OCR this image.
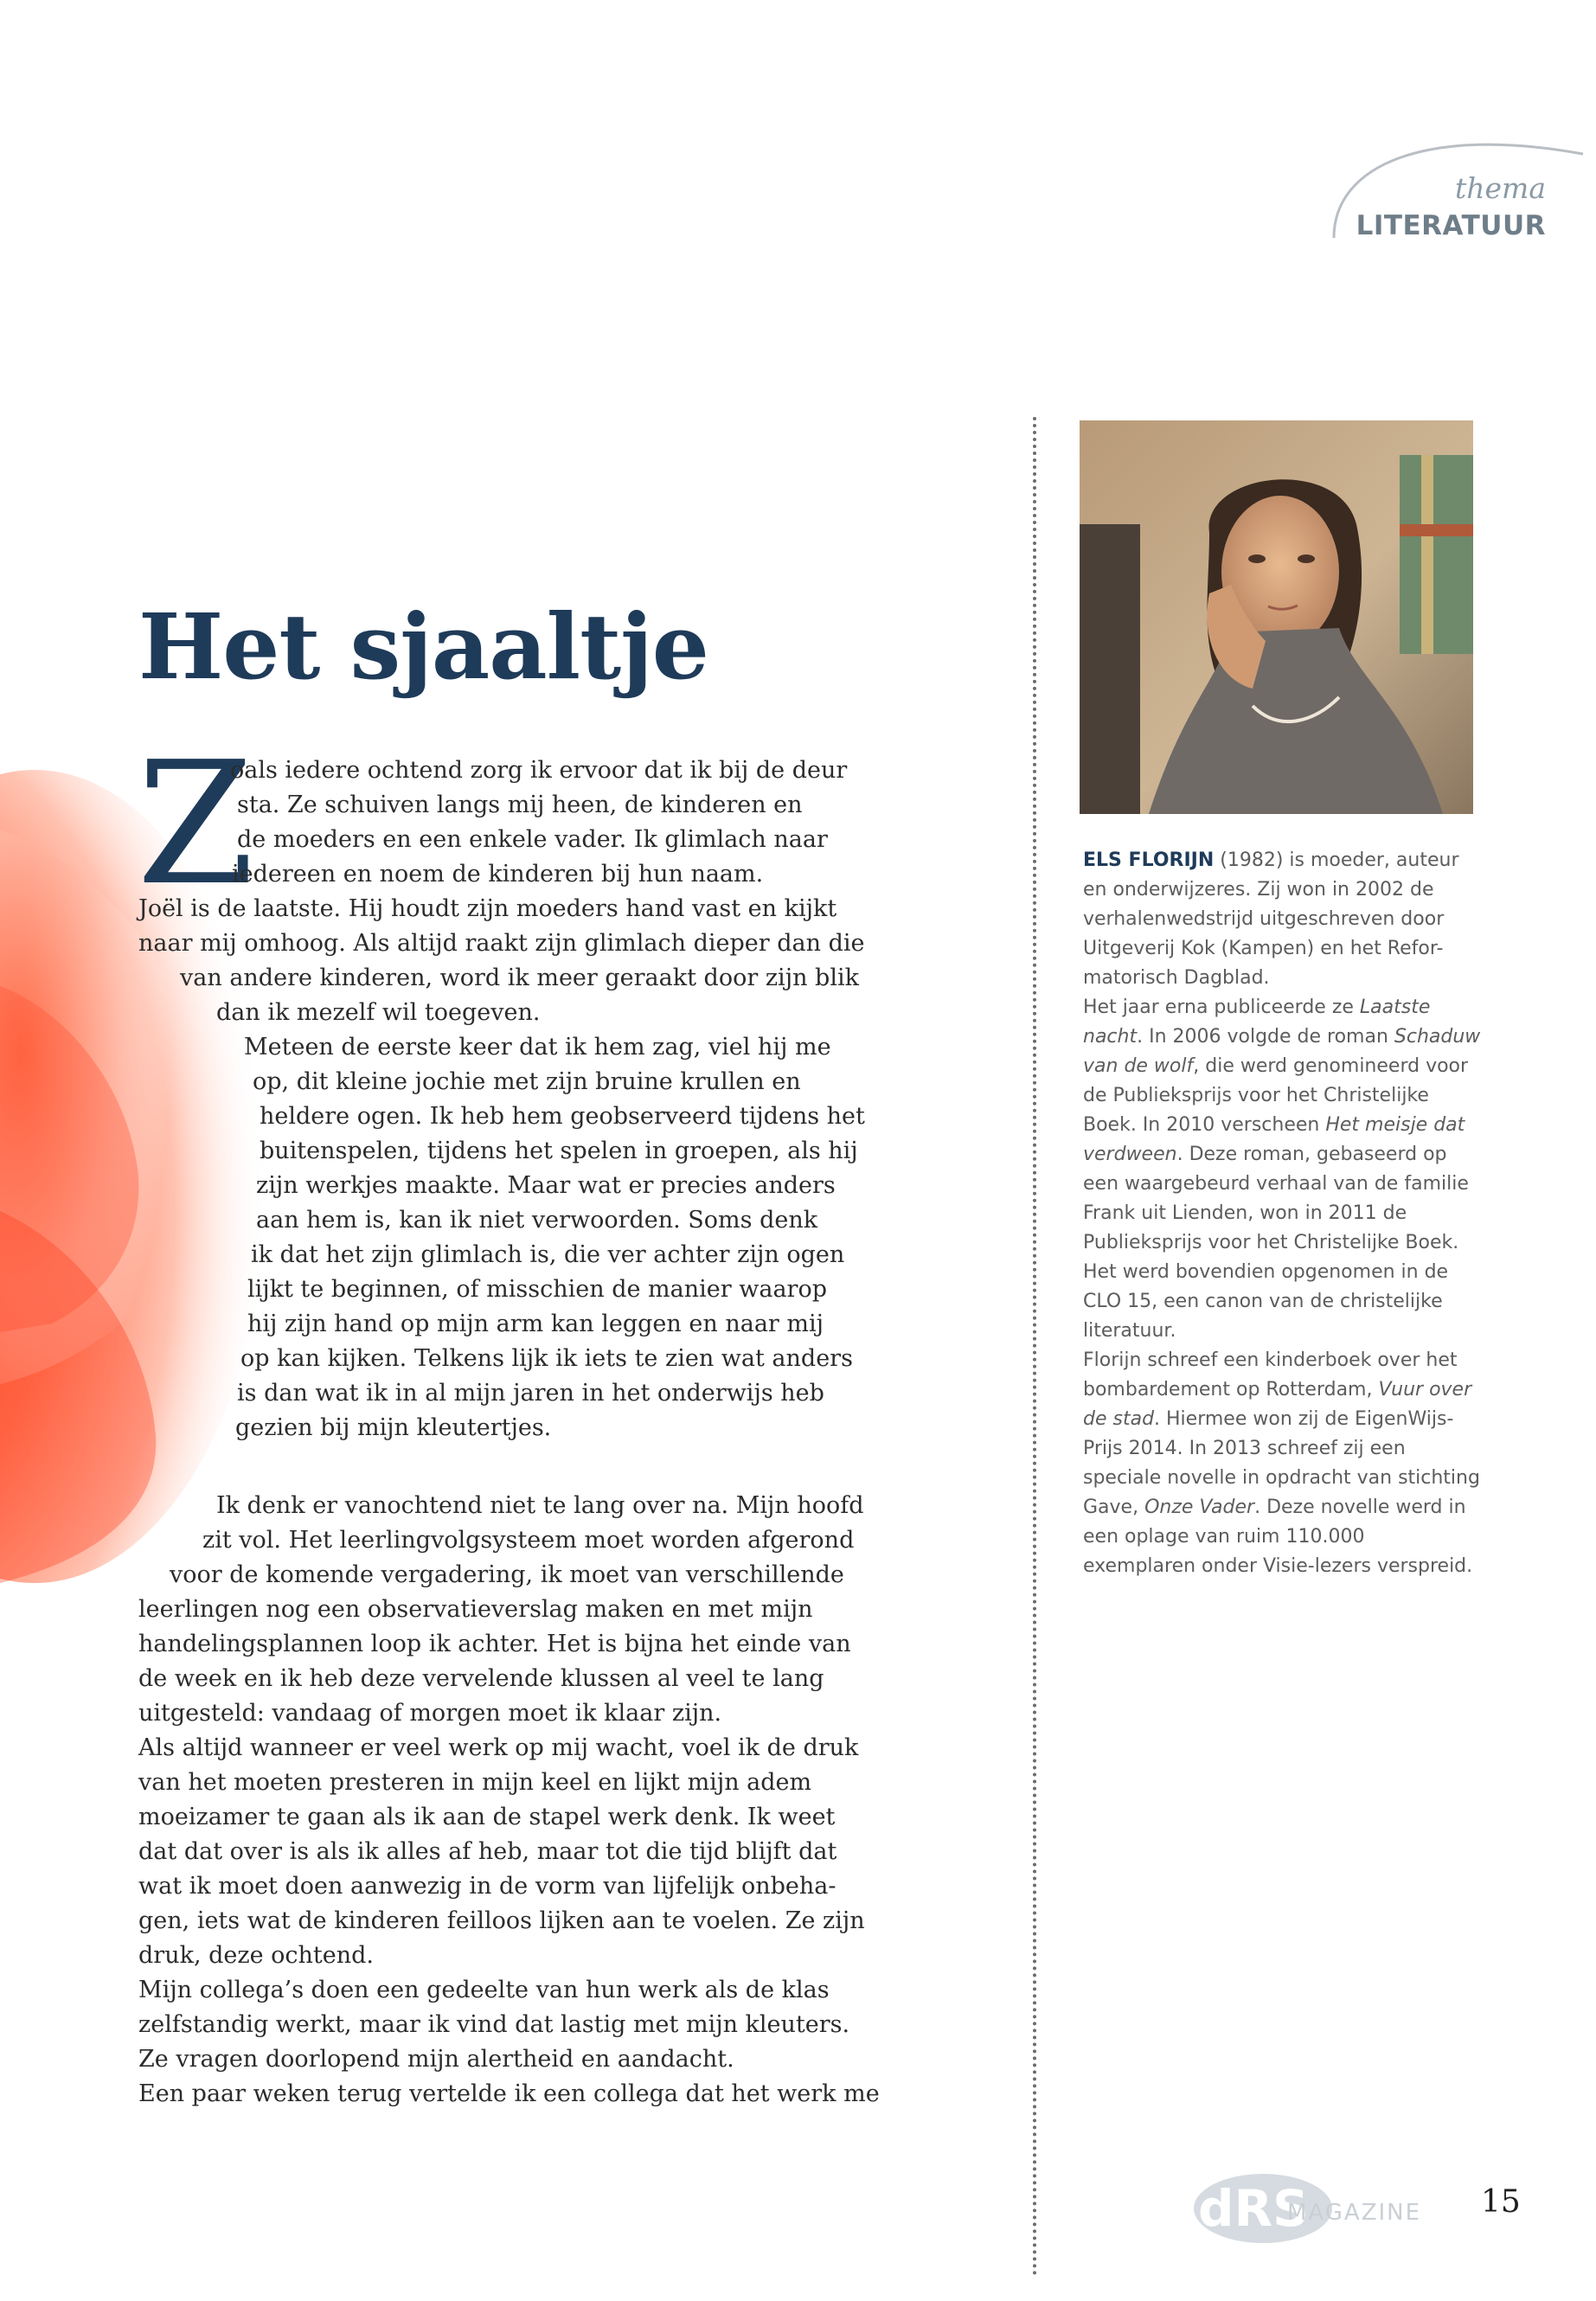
thema
LITERATUUR
Het sjaaltje
Z

oals iedere ochtend zorg ik ervoor dat ik bij de deur

sta. Ze schuiven langs mij heen, de kinderen en

de moeders en een enkele vader. Ik glimlach naar

iedereen en noem de kinderen bij hun naam.

Joël is de laatste. Hij houdt zijn moeders hand vast en kijkt

naar mij omhoog. Als altijd raakt zijn glimlach dieper dan die

van andere kinderen, word ik meer geraakt door zijn blik

dan ik mezelf wil toegeven.

Meteen de eerste keer dat ik hem zag, viel hij me

op, dit kleine jochie met zijn bruine krullen en

heldere ogen. Ik heb hem geobserveerd tijdens het

buitenspelen, tijdens het spelen in groepen, als hij

zijn werkjes maakte. Maar wat er precies anders

aan hem is, kan ik niet verwoorden. Soms denk

ik dat het zijn glimlach is, die ver achter zijn ogen

lijkt te beginnen, of misschien de manier waarop

hij zijn hand op mijn arm kan leggen en naar mij

op kan kijken. Telkens lijk ik iets te zien wat anders

is dan wat ik in al mijn jaren in het onderwijs heb

gezien bij mijn kleutertjes.

Ik denk er vanochtend niet te lang over na. Mijn hoofd

zit vol. Het leerlingvolgsysteem moet worden afgerond

voor de komende vergadering, ik moet van verschillende

leerlingen nog een observatieverslag maken en met mijn

handelingsplannen loop ik achter. Het is bijna het einde van

de week en ik heb deze vervelende klussen al veel te lang

uitgesteld: vandaag of morgen moet ik klaar zijn.

Als altijd wanneer er veel werk op mij wacht, voel ik de druk

van het moeten presteren in mijn keel en lijkt mijn adem

moeizamer te gaan als ik aan de stapel werk denk. Ik weet

dat dat over is als ik alles af heb, maar tot die tijd blijft dat

wat ik moet doen aanwezig in de vorm van lijfelijk onbeha-

gen, iets wat de kinderen feilloos lijken aan te voelen. Ze zijn

druk, deze ochtend.

Mijn collega’s doen een gedeelte van hun werk als de klas

zelfstandig werkt, maar ik vind dat lastig met mijn kleuters.

Ze vragen doorlopend mijn alertheid en aandacht.

Een paar weken terug vertelde ik een collega dat het werk me

ELS FLORIJN (1982) is moeder, auteur
en onderwijzeres. Zij won in 2002 de
verhalenwedstrijd uitgeschreven door
Uitgeverij Kok (Kampen) en het Refor-
matorisch Dagblad.

Het jaar erna publiceerde ze Laatste nacht. In 2006 volgde de roman Schaduw van de wolf, die werd genomineerd voor de Publieksprijs voor het Christelijke Boek. In 2010 verscheen Het meisje dat verdween. Deze roman, gebaseerd op een waargebeurd verhaal van de familie Frank uit Lienden, won in 2011 de Publieksprijs voor het Christelijke Boek. Het werd bovendien opgenomen in de CLO 15, een canon van de christelijke literatuur.

Florijn schreef een kinderboek over het bombardement op Rotterdam, Vuur over de stad. Hiermee won zij de EigenWijs-Prijs 2014. In 2013 schreef zij een speciale novelle in opdracht van stichting Gave, Onze Vader. Deze novelle werd in een oplage van ruim 110.000 exemplaren onder Visie-lezers verspreid.

dRS
MAGAZINE 15
